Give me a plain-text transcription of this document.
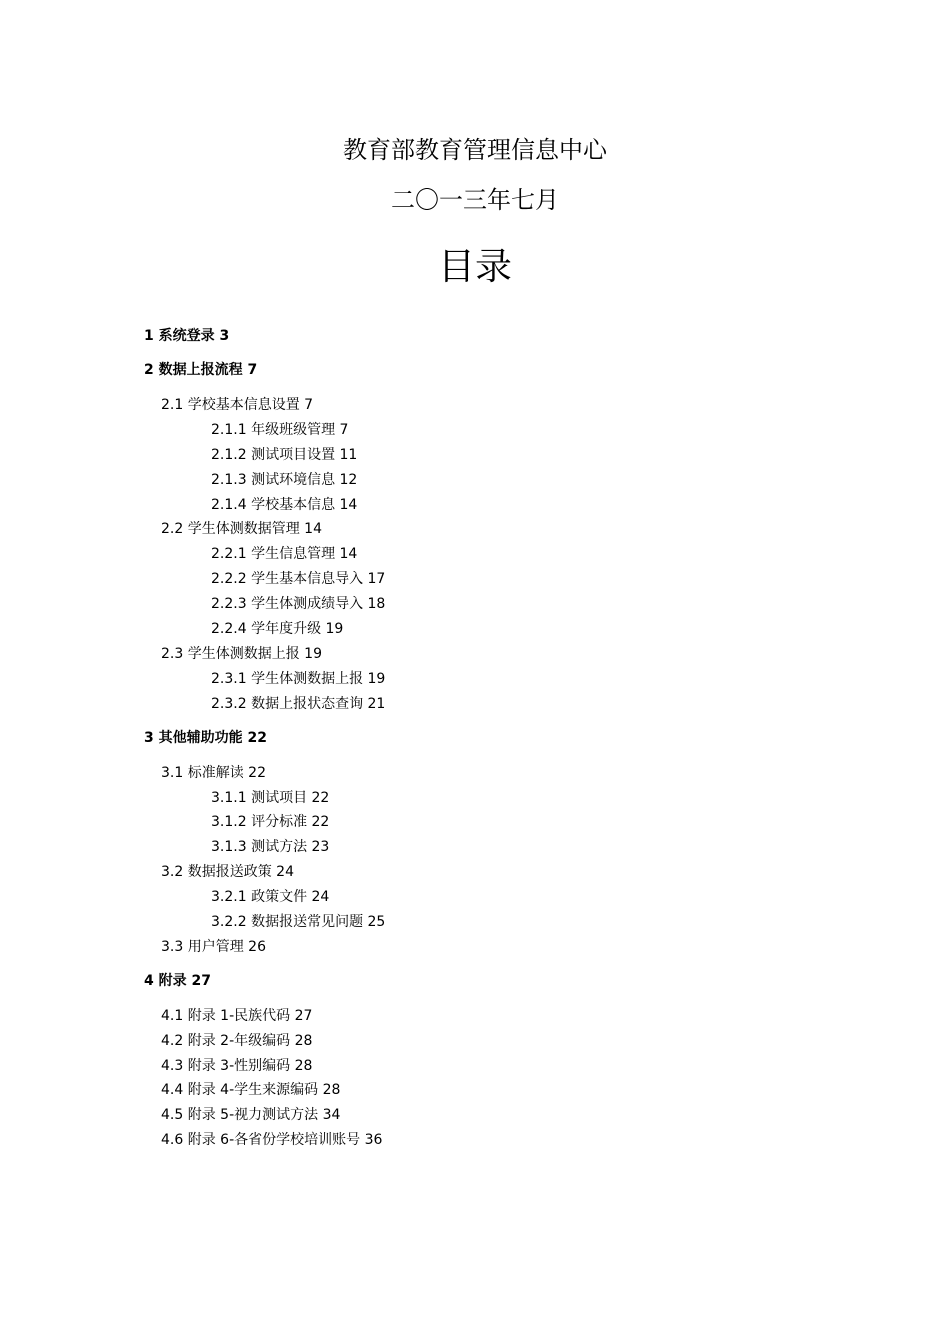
教育部教育管理信息中心
二〇一三年七月
目录
1 系统登录 3
2 数据上报流程 7
2.1 学校基本信息设置 7
2.1.1 年级班级管理 7
2.1.2 测试项目设置 11
2.1.3 测试环境信息 12
2.1.4 学校基本信息 14
2.2 学生体测数据管理 14
2.2.1 学生信息管理 14
2.2.2 学生基本信息导入 17
2.2.3 学生体测成绩导入 18
2.2.4 学年度升级 19
2.3 学生体测数据上报 19
2.3.1 学生体测数据上报 19
2.3.2 数据上报状态查询 21
3 其他辅助功能 22
3.1 标准解读 22
3.1.1 测试项目 22
3.1.2 评分标准 22
3.1.3 测试方法 23
3.2 数据报送政策 24
3.2.1 政策文件 24
3.2.2 数据报送常见问题 25
3.3 用户管理 26
4 附录 27
4.1 附录 1-民族代码 27
4.2 附录 2-年级编码 28
4.3 附录 3-性别编码 28
4.4 附录 4-学生来源编码 28
4.5 附录 5-视力测试方法 34
4.6 附录 6-各省份学校培训账号 36
